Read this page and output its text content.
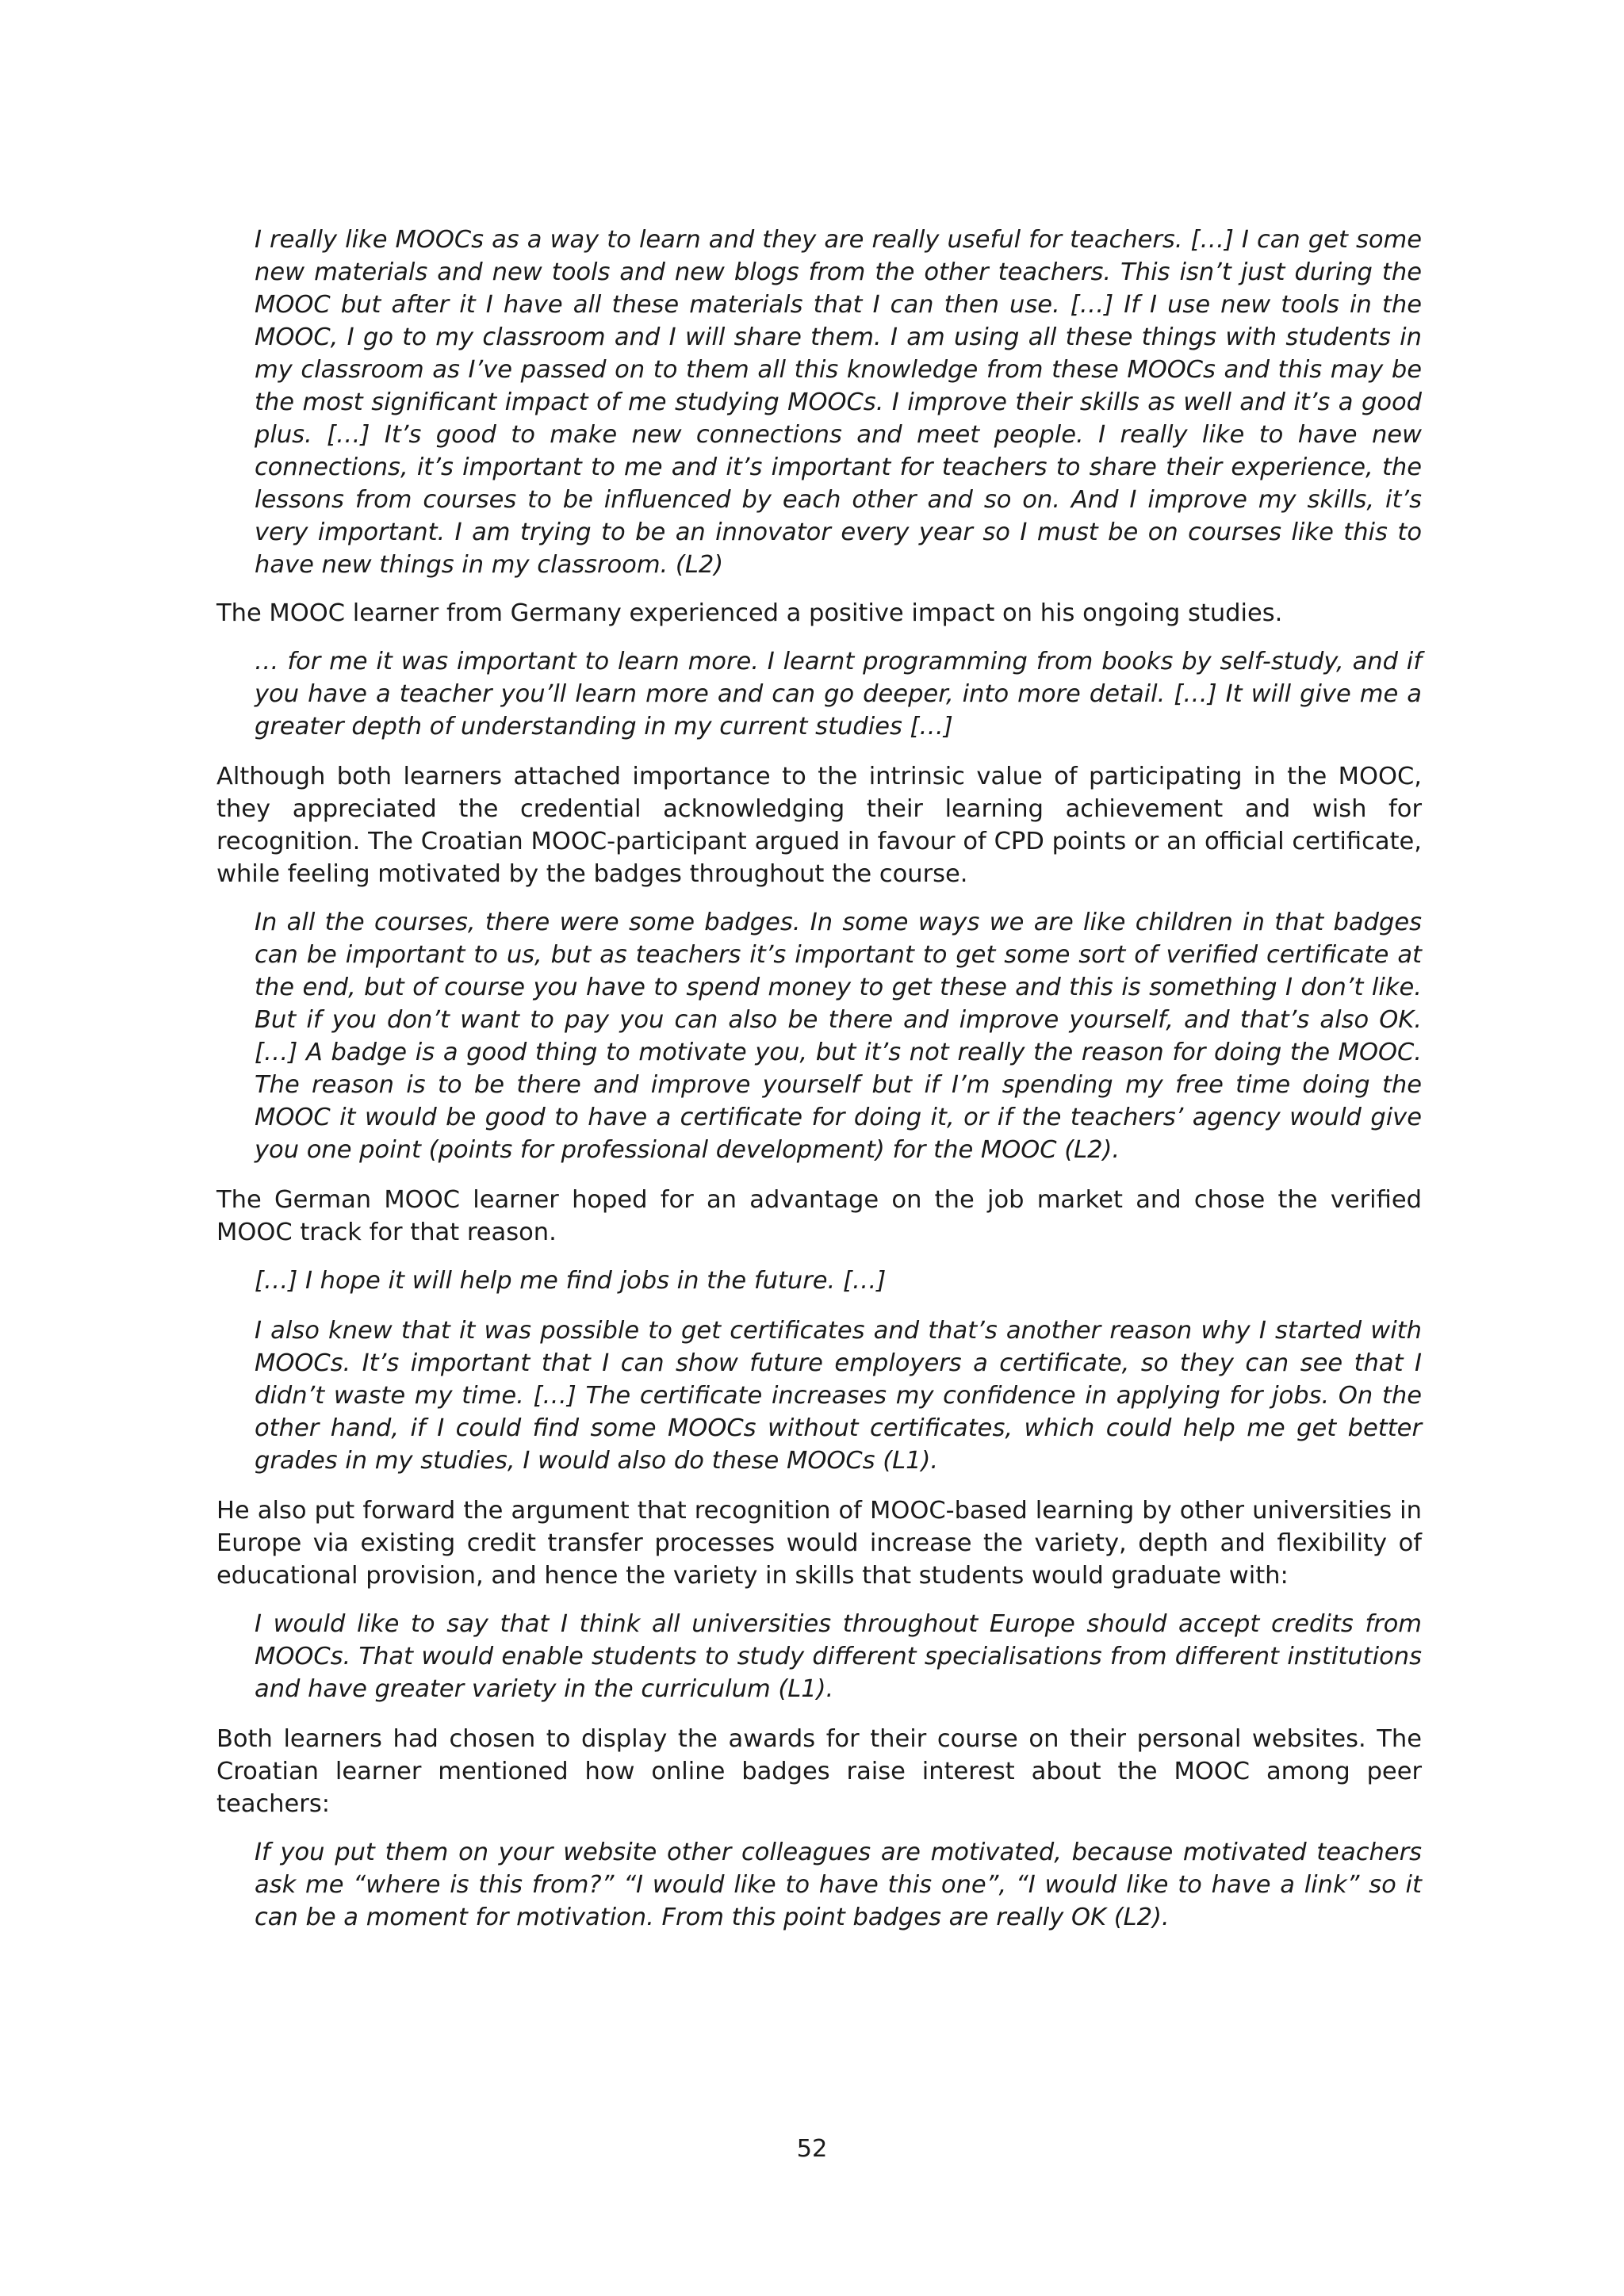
I really like MOOCs as a way to learn and they are really useful for teachers. […] I can get some new materials and new tools and new blogs from the other teachers. This isn’t just during the MOOC but after it I have all these materials that I can then use. […] If I use new tools in the MOOC, I go to my classroom and I will share them. I am using all these things with students in my classroom as I’ve passed on to them all this knowledge from these MOOCs and this may be the most significant impact of me studying MOOCs. I improve their skills as well and it’s a good plus. […] It’s good to make new connections and meet people. I really like to have new connections, it’s important to me and it’s important for teachers to share their experience, the lessons from courses to be influenced by each other and so on. And I improve my skills, it’s very important. I am trying to be an innovator every year so I must be on courses like this to have new things in my classroom. (L2)

The MOOC learner from Germany experienced a positive impact on his ongoing studies.

… for me it was important to learn more. I learnt programming from books by self-study, and if you have a teacher you’ll learn more and can go deeper, into more detail. […] It will give me a greater depth of understanding in my current studies […]

Although both learners attached importance to the intrinsic value of participating in the MOOC, they appreciated the credential acknowledging their learning achievement and wish for recognition. The Croatian MOOC-participant argued in favour of CPD points or an official certificate, while feeling motivated by the badges throughout the course.

In all the courses, there were some badges. In some ways we are like children in that badges can be important to us, but as teachers it’s important to get some sort of verified certificate at the end, but of course you have to spend money to get these and this is something I don’t like. But if you don’t want to pay you can also be there and improve yourself, and that’s also OK. […] A badge is a good thing to motivate you, but it’s not really the reason for doing the MOOC. The reason is to be there and improve yourself but if I’m spending my free time doing the MOOC it would be good to have a certificate for doing it, or if the teachers’ agency would give you one point (points for professional development) for the MOOC (L2).

The German MOOC learner hoped for an advantage on the job market and chose the verified MOOC track for that reason.

[…] I hope it will help me find jobs in the future. […]

I also knew that it was possible to get certificates and that’s another reason why I started with MOOCs. It’s important that I can show future employers a certificate, so they can see that I didn’t waste my time. […] The certificate increases my confidence in applying for jobs. On the other hand, if I could find some MOOCs without certificates, which could help me get better grades in my studies, I would also do these MOOCs (L1).

He also put forward the argument that recognition of MOOC-based learning by other universities in Europe via existing credit transfer processes would increase the variety, depth and flexibility of educational provision, and hence the variety in skills that students would graduate with:

I would like to say that I think all universities throughout Europe should accept credits from MOOCs. That would enable students to study different specialisations from different institutions and have greater variety in the curriculum (L1).

Both learners had chosen to display the awards for their course on their personal websites. The Croatian learner mentioned how online badges raise interest about the MOOC among peer teachers:

If you put them on your website other colleagues are motivated, because motivated teachers ask me “where is this from?” “I would like to have this one”, “I would like to have a link” so it can be a moment for motivation. From this point badges are really OK (L2).

52
